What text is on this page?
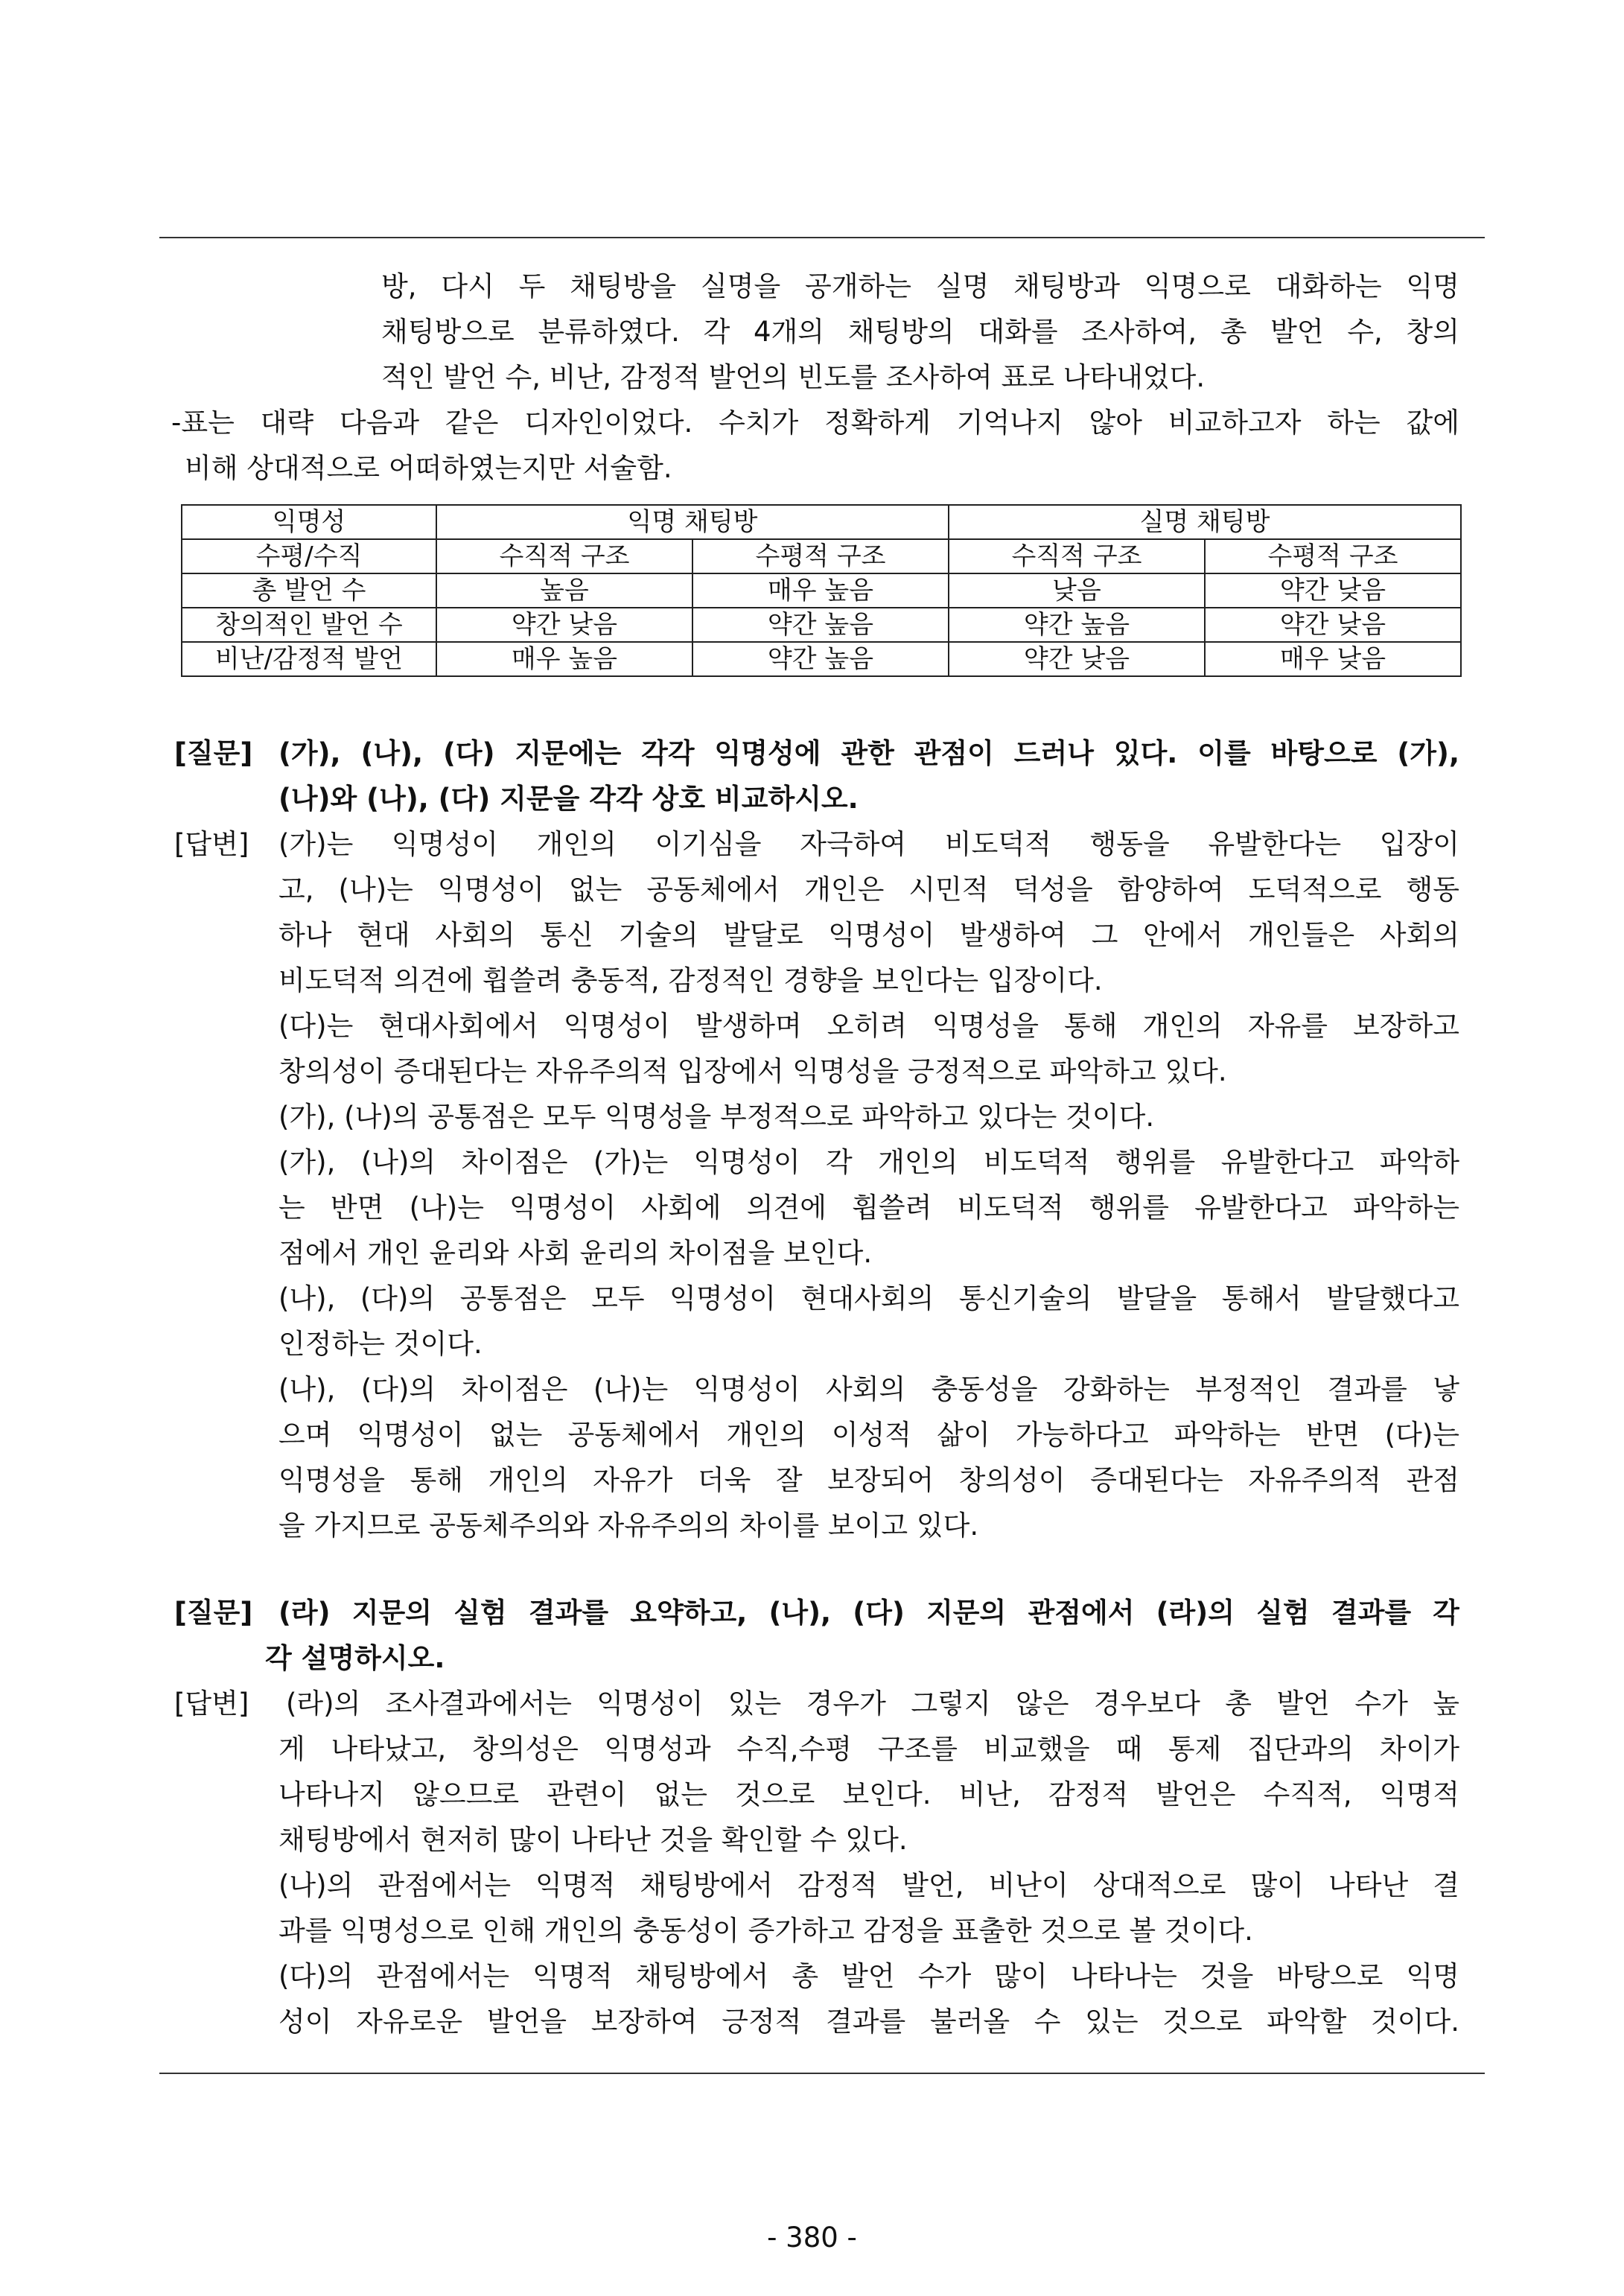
방, 다시 두 채팅방을 실명을 공개하는 실명 채팅방과 익명으로 대화하는 익명

채팅방으로 분류하였다. 각 4개의 채팅방의 대화를 조사하여, 총 발언 수, 창의

적인 발언 수, 비난, 감정적 발언의 빈도를 조사하여 표로 나타내었다.

-표는 대략 다음과 같은 디자인이었다. 수치가 정확하게 기억나지 않아 비교하고자 하는 값에

비해 상대적으로 어떠하였는지만 서술함.

익명성	익명 채팅방		실명 채팅방	
수평/수직	수직적 구조	수평적 구조	수직적 구조	수평적 구조
총 발언 수	높음	매우 높음	낮음	약간 낮음
창의적인 발언 수	약간 낮음	약간 높음	약간 높음	약간 낮음
비난/감정적 발언	매우 높음	약간 높음	약간 낮음	매우 낮음

[질문] (가), (나), (다) 지문에는 각각 익명성에 관한 관점이 드러나 있다. 이를 바탕으로 (가),

(나)와 (나), (다) 지문을 각각 상호 비교하시오.

[답변] (가)는 익명성이 개인의 이기심을 자극하여 비도덕적 행동을 유발한다는 입장이

고, (나)는 익명성이 없는 공동체에서 개인은 시민적 덕성을 함양하여 도덕적으로 행동

하나 현대 사회의 통신 기술의 발달로 익명성이 발생하여 그 안에서 개인들은 사회의

비도덕적 의견에 휩쓸려 충동적, 감정적인 경향을 보인다는 입장이다.

(다)는 현대사회에서 익명성이 발생하며 오히려 익명성을 통해 개인의 자유를 보장하고

창의성이 증대된다는 자유주의적 입장에서 익명성을 긍정적으로 파악하고 있다.

(가), (나)의 공통점은 모두 익명성을 부정적으로 파악하고 있다는 것이다.

(가), (나)의 차이점은 (가)는 익명성이 각 개인의 비도덕적 행위를 유발한다고 파악하

는 반면 (나)는 익명성이 사회에 의견에 휩쓸려 비도덕적 행위를 유발한다고 파악하는

점에서 개인 윤리와 사회 윤리의 차이점을 보인다.

(나), (다)의 공통점은 모두 익명성이 현대사회의 통신기술의 발달을 통해서 발달했다고

인정하는 것이다.

(나), (다)의 차이점은 (나)는 익명성이 사회의 충동성을 강화하는 부정적인 결과를 낳

으며 익명성이 없는 공동체에서 개인의 이성적 삶이 가능하다고 파악하는 반면 (다)는

익명성을 통해 개인의 자유가 더욱 잘 보장되어 창의성이 증대된다는 자유주의적 관점

을 가지므로 공동체주의와 자유주의의 차이를 보이고 있다.

[질문] (라) 지문의 실험 결과를 요약하고, (나), (다) 지문의 관점에서 (라)의 실험 결과를 각

각 설명하시오.

[답변] (라)의 조사결과에서는 익명성이 있는 경우가 그렇지 않은 경우보다 총 발언 수가 높

게 나타났고, 창의성은 익명성과 수직,수평 구조를 비교했을 때 통제 집단과의 차이가

나타나지 않으므로 관련이 없는 것으로 보인다. 비난, 감정적 발언은 수직적, 익명적

채팅방에서 현저히 많이 나타난 것을 확인할 수 있다.

(나)의 관점에서는 익명적 채팅방에서 감정적 발언, 비난이 상대적으로 많이 나타난 결

과를 익명성으로 인해 개인의 충동성이 증가하고 감정을 표출한 것으로 볼 것이다.

(다)의 관점에서는 익명적 채팅방에서 총 발언 수가 많이 나타나는 것을 바탕으로 익명

성이 자유로운 발언을 보장하여 긍정적 결과를 불러올 수 있는 것으로 파악할 것이다.

- 380 -
